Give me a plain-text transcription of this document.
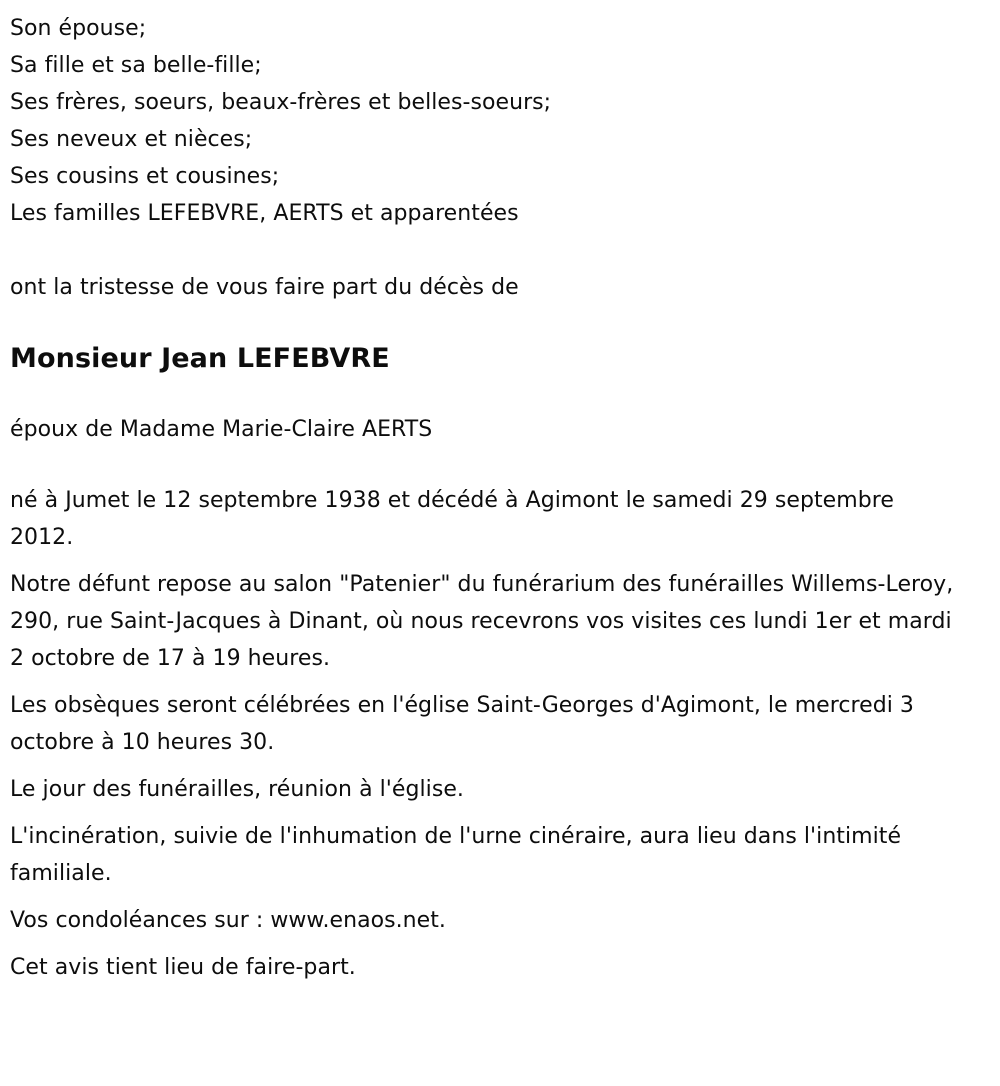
Son épouse;
Sa fille et sa belle-fille;
Ses frères, soeurs, beaux-frères et belles-soeurs;
Ses neveux et nièces;
Ses cousins et cousines;
Les familles LEFEBVRE, AERTS et apparentées

ont la tristesse de vous faire part du décès de

Monsieur Jean LEFEBVRE

époux de Madame Marie-Claire AERTS

né à Jumet le 12 septembre 1938 et décédé à Agimont le samedi 29 septembre 2012.

Notre défunt repose au salon "Patenier" du funérarium des funérailles Willems-Leroy, 290, rue Saint-Jacques à Dinant, où nous recevrons vos visites ces lundi 1er et mardi 2 octobre de 17 à 19 heures.

Les obsèques seront célébrées en l'église Saint-Georges d'Agimont, le mercredi 3 octobre à 10 heures 30.

Le jour des funérailles, réunion à l'église.

L'incinération, suivie de l'inhumation de l'urne cinéraire, aura lieu dans l'intimité familiale.

Vos condoléances sur : www.enaos.net.

Cet avis tient lieu de faire-part.
